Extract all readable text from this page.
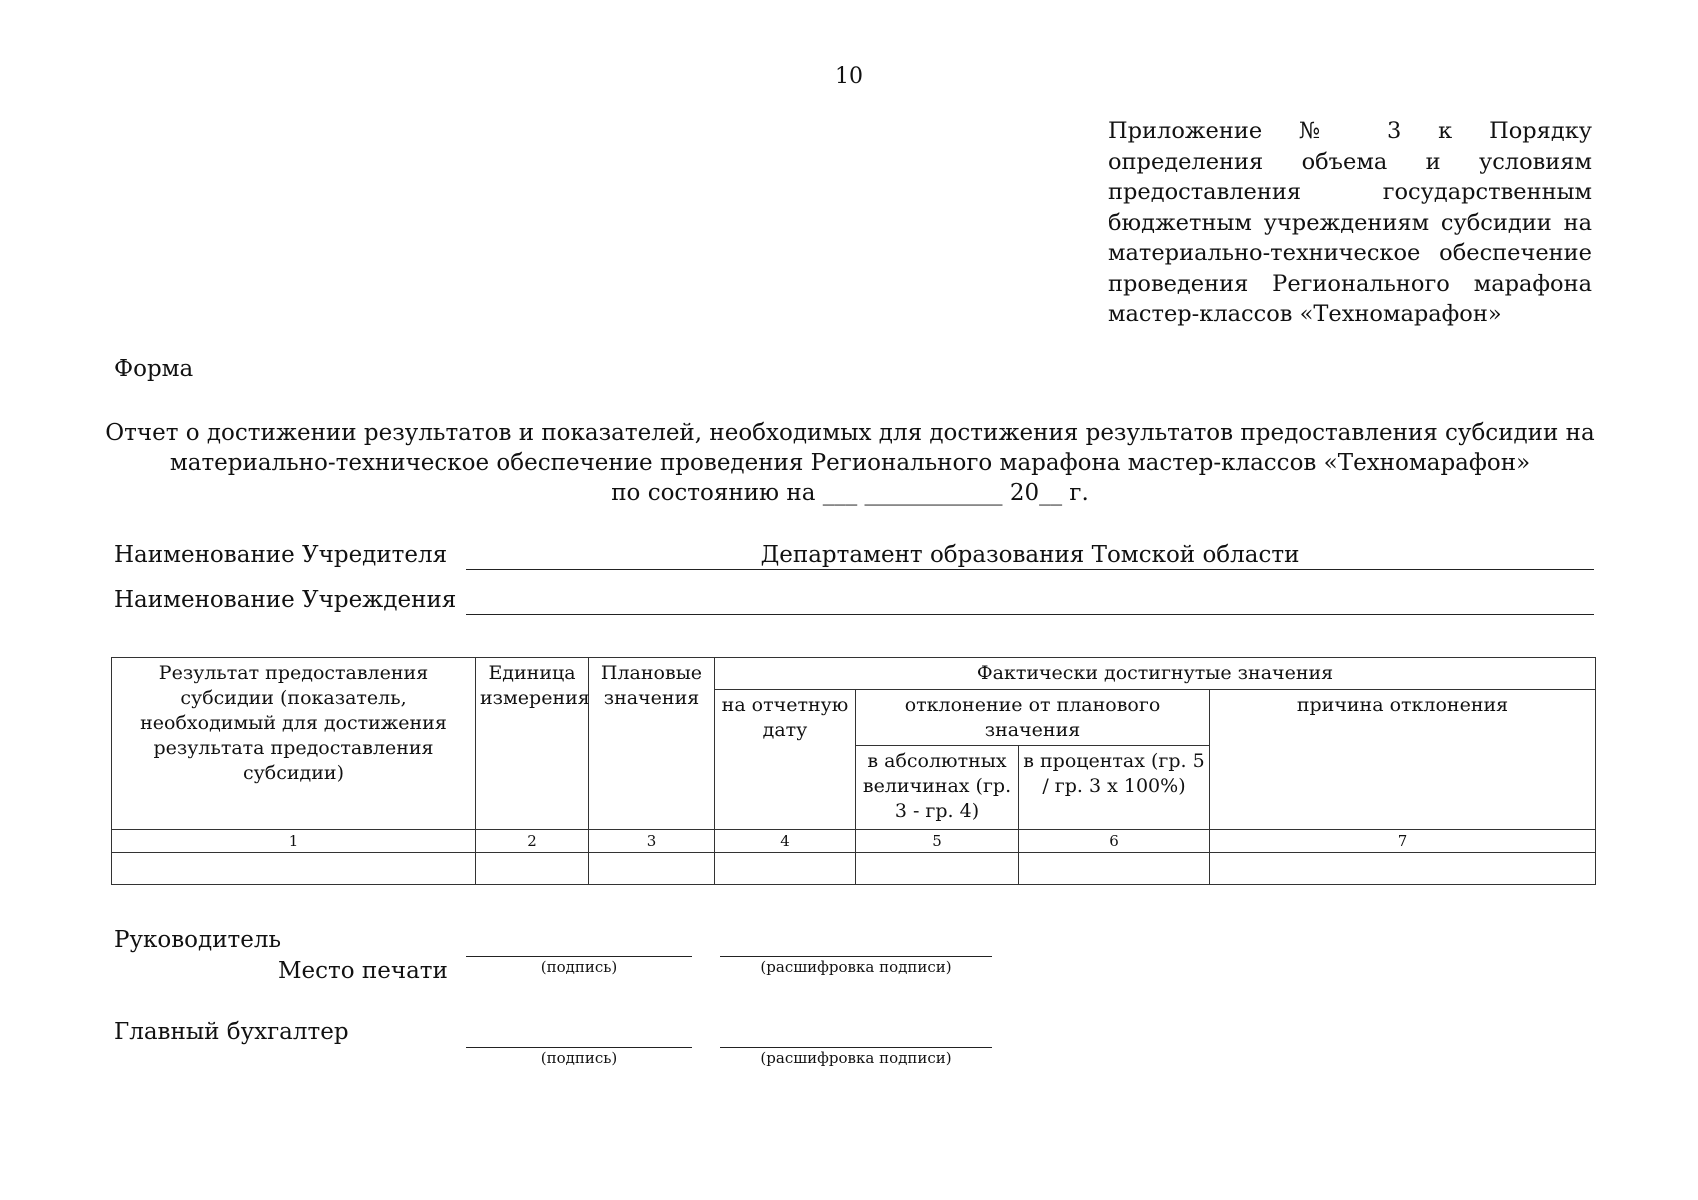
10
Приложение № 3 к Порядку определения объема и условиям предоставления государственным бюджетным учреждениям субсидии на материально-техническое обеспечение проведения Регионального марафона мастер-классов «Техномарафон»
Форма
Отчет о достижении результатов и показателей, необходимых для достижения результатов предоставления субсидии на
материально-техническое обеспечение проведения Регионального марафона мастер-классов «Техномарафон»
по состоянию на ___ ____________ 20__ г.
Наименование Учредителя	Департамент образования Томской области
Наименование Учреждения
Результат предоставления субсидии (показатель, необходимый для достижения результата предоставления субсидии)	Единица измерения	Плановые значения	Фактически достигнутые значения			
			на отчетную дату	отклонение от планового значения		причина отклонения
				в абсолютных величинах (гр. 3 - гр. 4)	в процентах (гр. 5 / гр. 3 х 100%)	
1	2	3	4	5	6	7

Руководитель
Место печати	(подпись)	(расшифровка подписи)
Главный бухгалтер
(подпись)	(расшифровка подписи)
